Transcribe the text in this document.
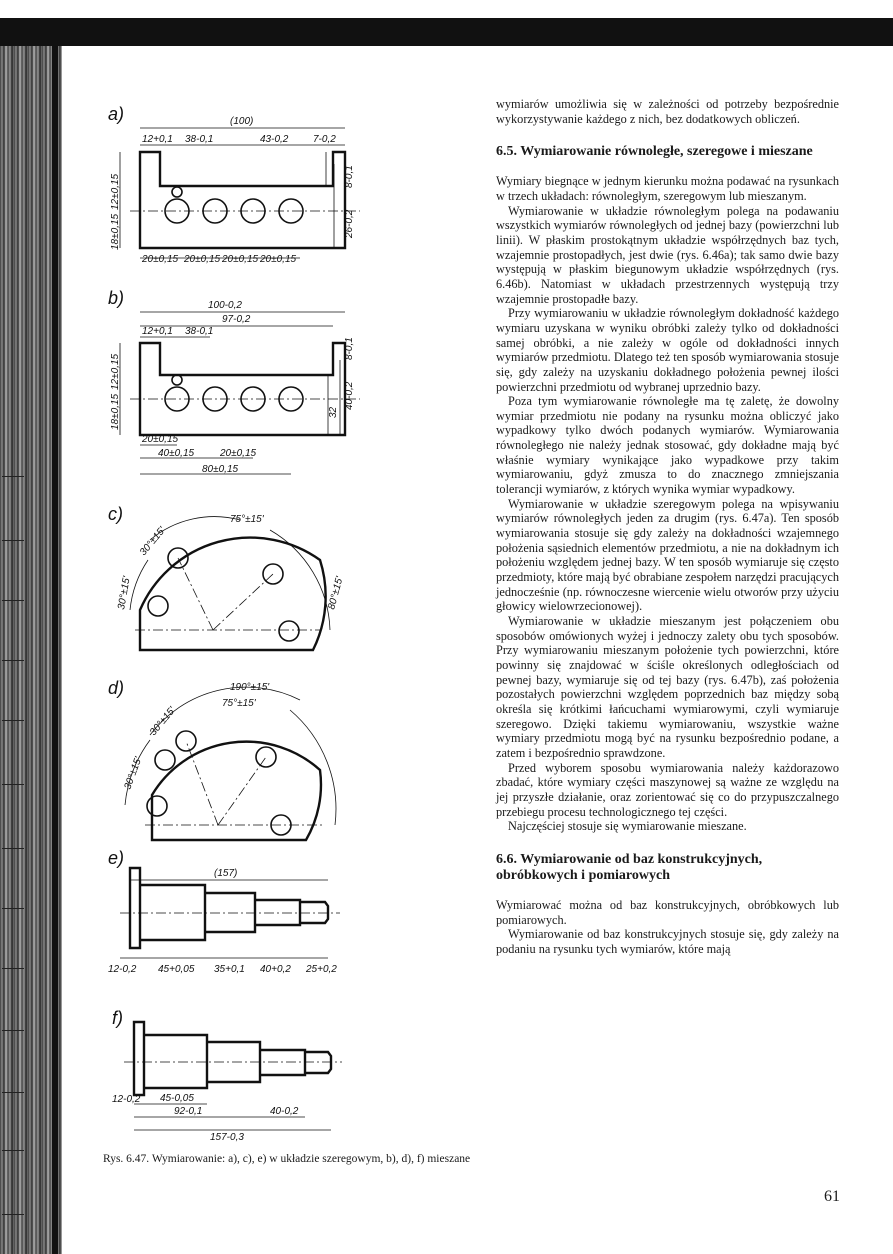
a)
b)
c)
d)
e)
f)
(100)
12+0,1 38-0,1	43-0,2 7-0,2
20±0,15 20±0,15 20±0,15 20±0,15
18±0,15
12±0,15
26-0,2
8-0,1
100-0,2
97-0,2
12+0,1 38-0,1
20±0,15
40±0,15	20±0,15
80±0,15
18±0,15
12±0,15
32
40-0,2
8-0,1
75°±15'
30°±15'
30°±15'	80°±15'
190°±15'
75°±15'
30°±15'
30°±15'
(157)
12-0,2 45+0,05 35+0,1 40+0,2 25+0,2
12-0,2 45-0,05
92-0,1	40-0,2
157-0,3
Rys. 6.47. Wymiarowanie: a), c), e) w układzie szeregowym, b), d), f) mieszane

wymiarów umożliwia się w zależności od potrzeby bezpośrednie wykorzystywanie każdego z nich, bez dodatkowych obliczeń.

6.5. Wymiarowanie równoległe, szeregowe i mieszane

Wymiary biegnące w jednym kierunku można podawać na rysunkach w trzech układach: równoległym, szeregowym lub mieszanym.

Wymiarowanie w układzie równoległym polega na podawaniu wszystkich wymiarów równoległych od jednej bazy (powierzchni lub linii). W płaskim prostokątnym układzie współrzędnych baz tych, wzajemnie prostopadłych, jest dwie (rys. 6.46a); tak samo dwie bazy występują w płaskim biegunowym układzie współrzędnych (rys. 6.46b). Natomiast w układach przestrzennych występują trzy wzajemnie prostopadłe bazy.

Przy wymiarowaniu w układzie równoległym dokładność każdego wymiaru uzyskana w wyniku obróbki zależy tylko od dokładności samej obróbki, a nie zależy w ogóle od dokładności innych wymiarów przedmiotu. Dlatego też ten sposób wymiarowania stosuje się, gdy zależy na uzyskaniu dokładnego położenia pewnej ilości powierzchni przedmiotu od wybranej uprzednio bazy.

Poza tym wymiarowanie równoległe ma tę zaletę, że dowolny wymiar przedmiotu nie podany na rysunku można obliczyć jako wypadkowy tylko dwóch podanych wymiarów. Wymiarowania równoległego nie należy jednak stosować, gdy dokładne mają być właśnie wymiary wynikające jako wypadkowe przy takim wymiarowaniu, gdyż zmusza to do znacznego zmniejszania tolerancji wymiarów, z których wynika wymiar wypadkowy.

Wymiarowanie w układzie szeregowym polega na wpisywaniu wymiarów równoległych jeden za drugim (rys. 6.47a). Ten sposób wymiarowania stosuje się gdy zależy na dokładności wzajemnego położenia sąsiednich elementów przedmiotu, a nie na dokładnym ich położeniu względem jednej bazy. W ten sposób wymiaruje się często przedmioty, które mają być obrabiane zespołem narzędzi pracujących jednocześnie (np. równoczesne wiercenie wielu otworów przy użyciu głowicy wielowrzecionowej).

Wymiarowanie w układzie mieszanym jest połączeniem obu sposobów omówionych wyżej i jednoczy zalety obu tych sposobów. Przy wymiarowaniu mieszanym położenie tych powierzchni, które powinny się znajdować w ściśle określonych odległościach od pewnej bazy, wymiaruje się od tej bazy (rys. 6.47b), zaś położenia pozostałych powierzchni względem poprzednich baz między sobą określa się krótkimi łańcuchami wymiarowymi, czyli wymiaruje szeregowo. Dzięki takiemu wymiarowaniu, wszystkie ważne wymiary przedmiotu mogą być na rysunku bezpośrednio podane, a zatem i bezpośrednio sprawdzone.

Przed wyborem sposobu wymiarowania należy każdorazowo zbadać, które wymiary części maszynowej są ważne ze względu na jej przyszłe działanie, oraz zorientować się co do przypuszczalnego przebiegu procesu technologicznego tej części.

Najczęściej stosuje się wymiarowanie mieszane.

6.6. Wymiarowanie od baz konstrukcyjnych, obróbkowych i pomiarowych

Wymiarować można od baz konstrukcyjnych, obróbkowych lub pomiarowych.

Wymiarowanie od baz konstrukcyjnych stosuje się, gdy zależy na podaniu na rysunku tych wymiarów, które mają

61
